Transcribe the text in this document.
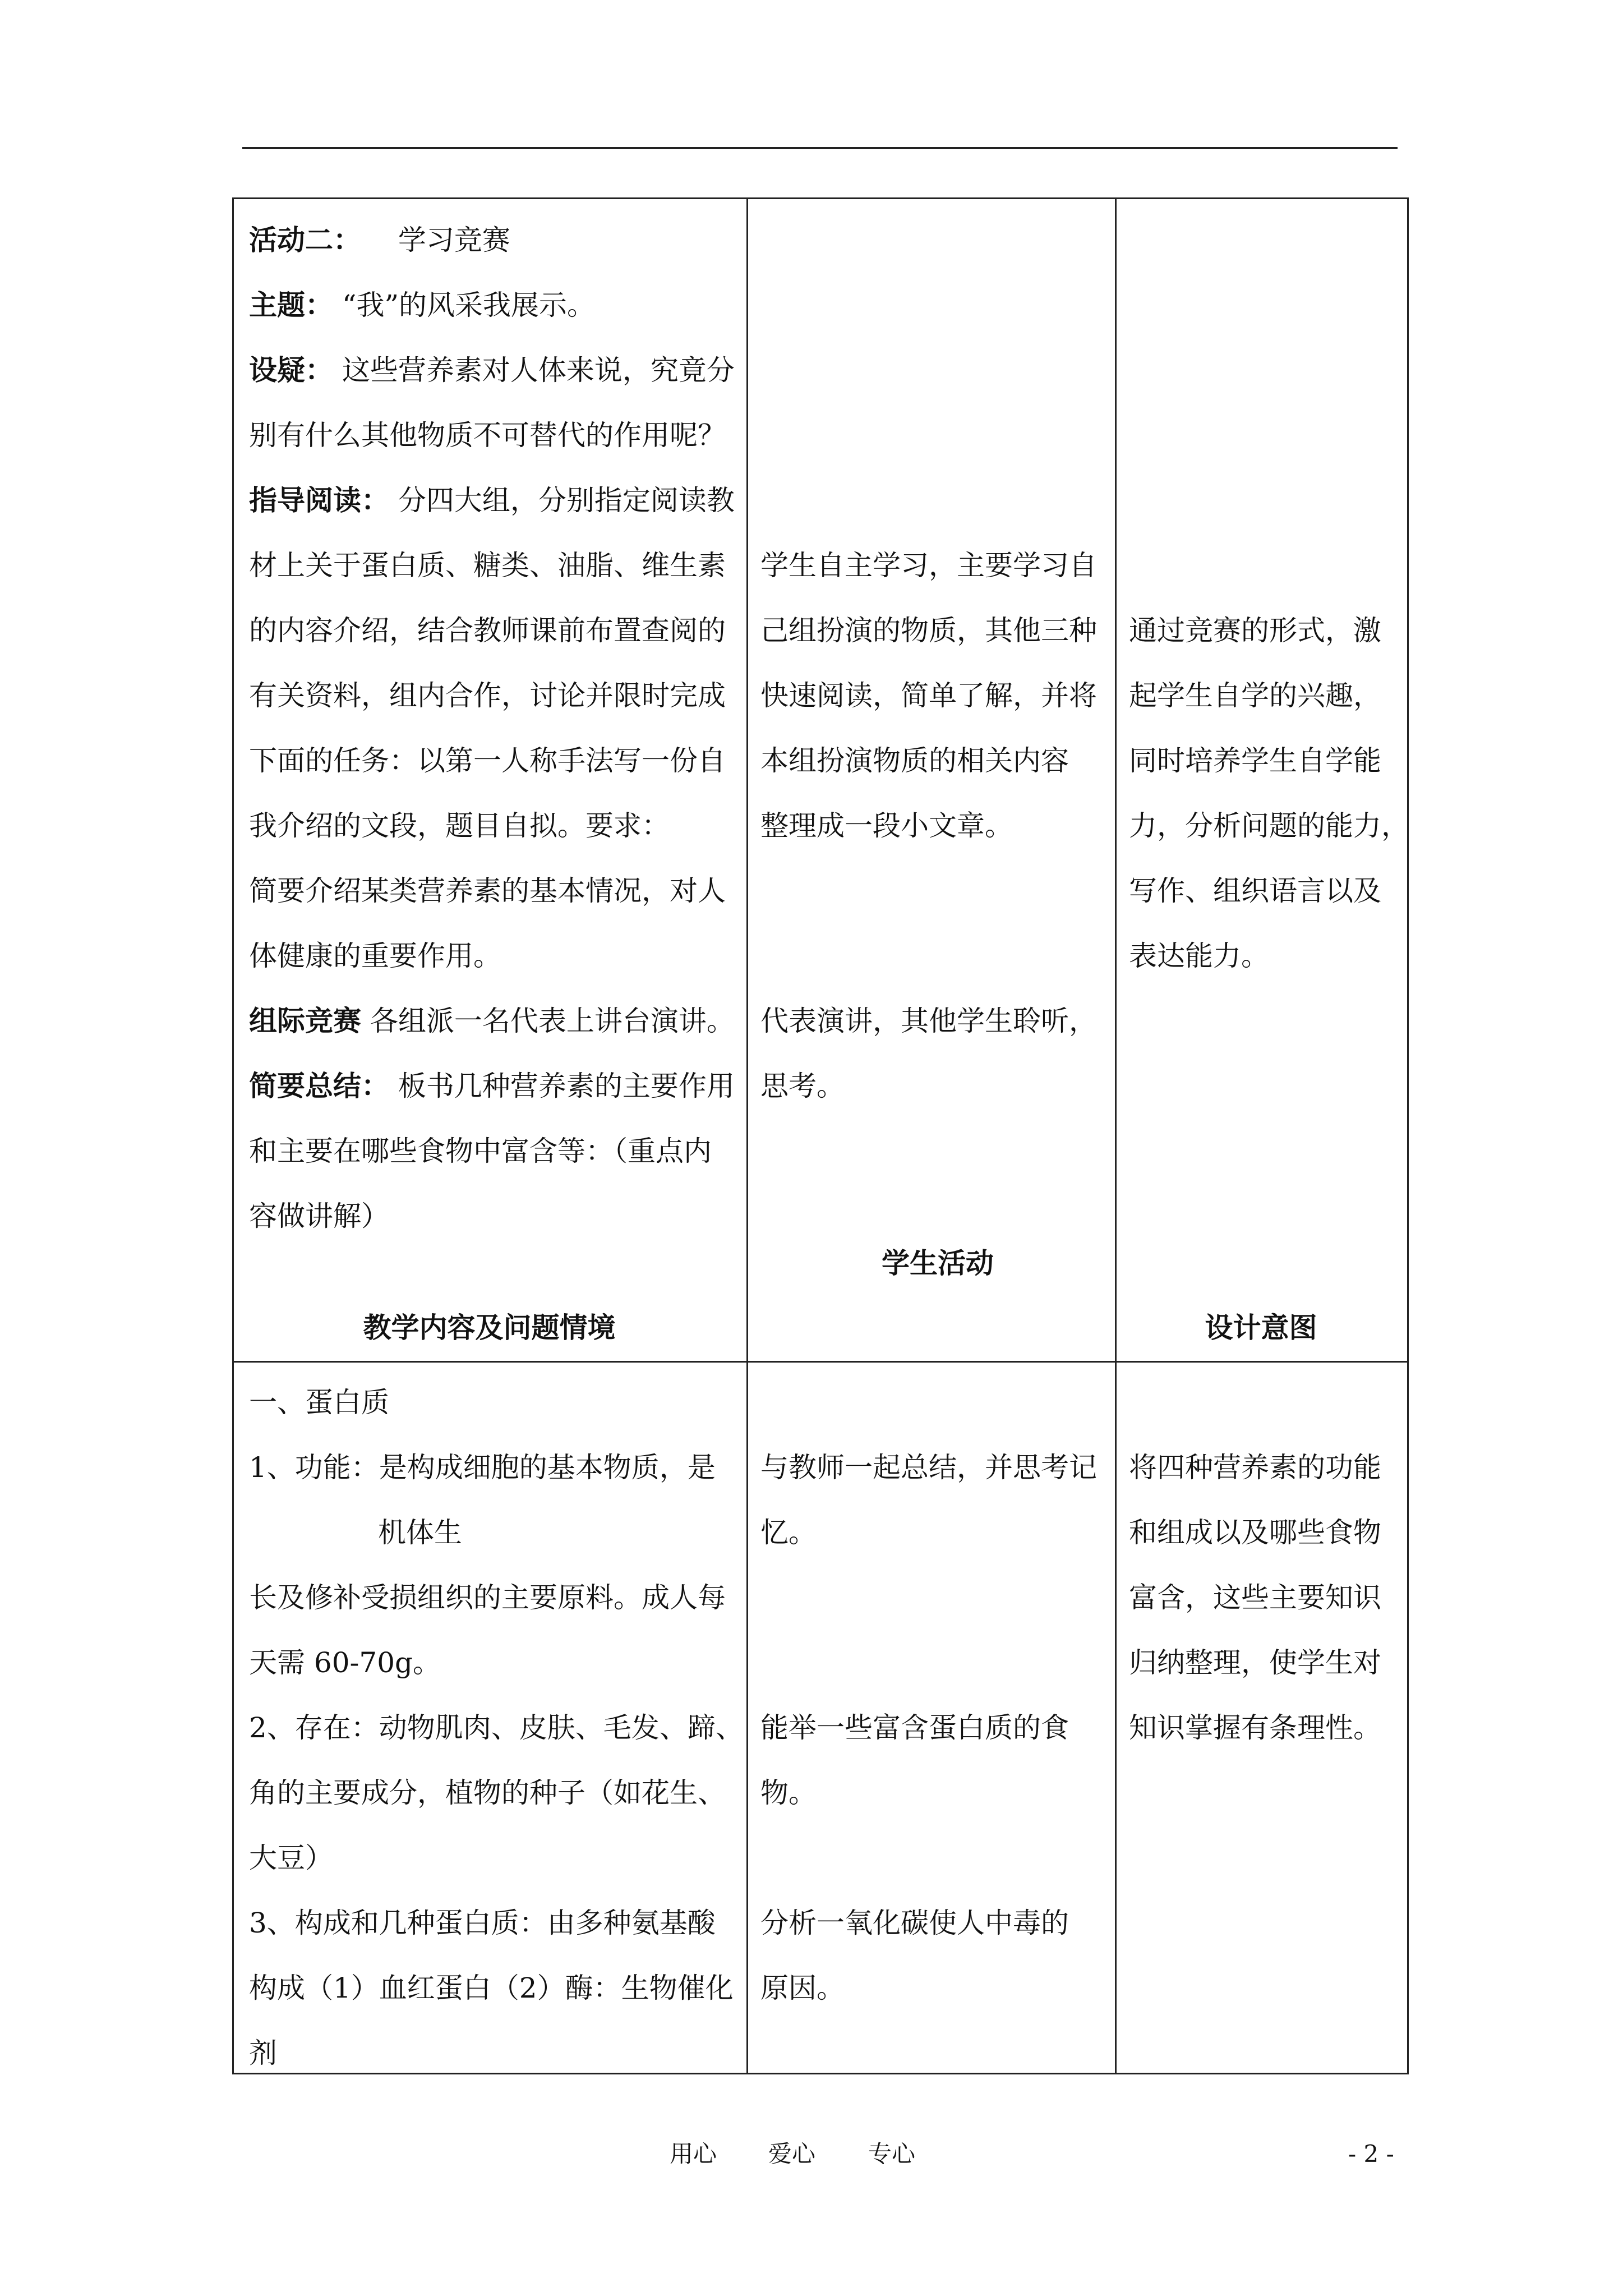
活动二： 　学习竞赛
主题： “我”的风采我展示。
设疑： 这些营养素对人体来说，究竟分
别有什么其他物质不可替代的作用呢？
指导阅读： 分四大组，分别指定阅读教
材上关于蛋白质、糖类、油脂、维生素
的内容介绍，结合教师课前布置查阅的
有关资料，组内合作，讨论并限时完成
下面的任务：以第一人称手法写一份自
我介绍的文段，题目自拟。要求：
简要介绍某类营养素的基本情况，对人
体健康的重要作用。
组际竞赛 各组派一名代表上讲台演讲。
简要总结： 板书几种营养素的主要作用
和主要在哪些食物中富含等：（重点内
容做讲解）
学生活动
教学内容及问题情境	设计意图
学生自主学习，主要学习自
己组扮演的物质，其他三种
快速阅读，简单了解，并将
本组扮演物质的相关内容
整理成一段小文章。
代表演讲，其他学生聆听，
思考。
通过竞赛的形式，激
起学生自学的兴趣，
同时培养学生自学能
力，分析问题的能力，
写作、组织语言以及
表达能力。
一、蛋白质
1、功能：是构成细胞的基本物质，是
机体生
长及修补受损组织的主要原料。成人每
天需 60-70g。
2、存在：动物肌肉、皮肤、毛发、蹄、
角的主要成分，植物的种子（如花生、
大豆）
3、构成和几种蛋白质：由多种氨基酸
构成（1）血红蛋白（2）酶：生物催化
剂
与教师一起总结，并思考记
忆。
能举一些富含蛋白质的食
物。
分析一氧化碳使人中毒的
原因。
将四种营养素的功能
和组成以及哪些食物
富含，这些主要知识
归纳整理，使学生对
知识掌握有条理性。
用心 爱心 专心	- 2 -
